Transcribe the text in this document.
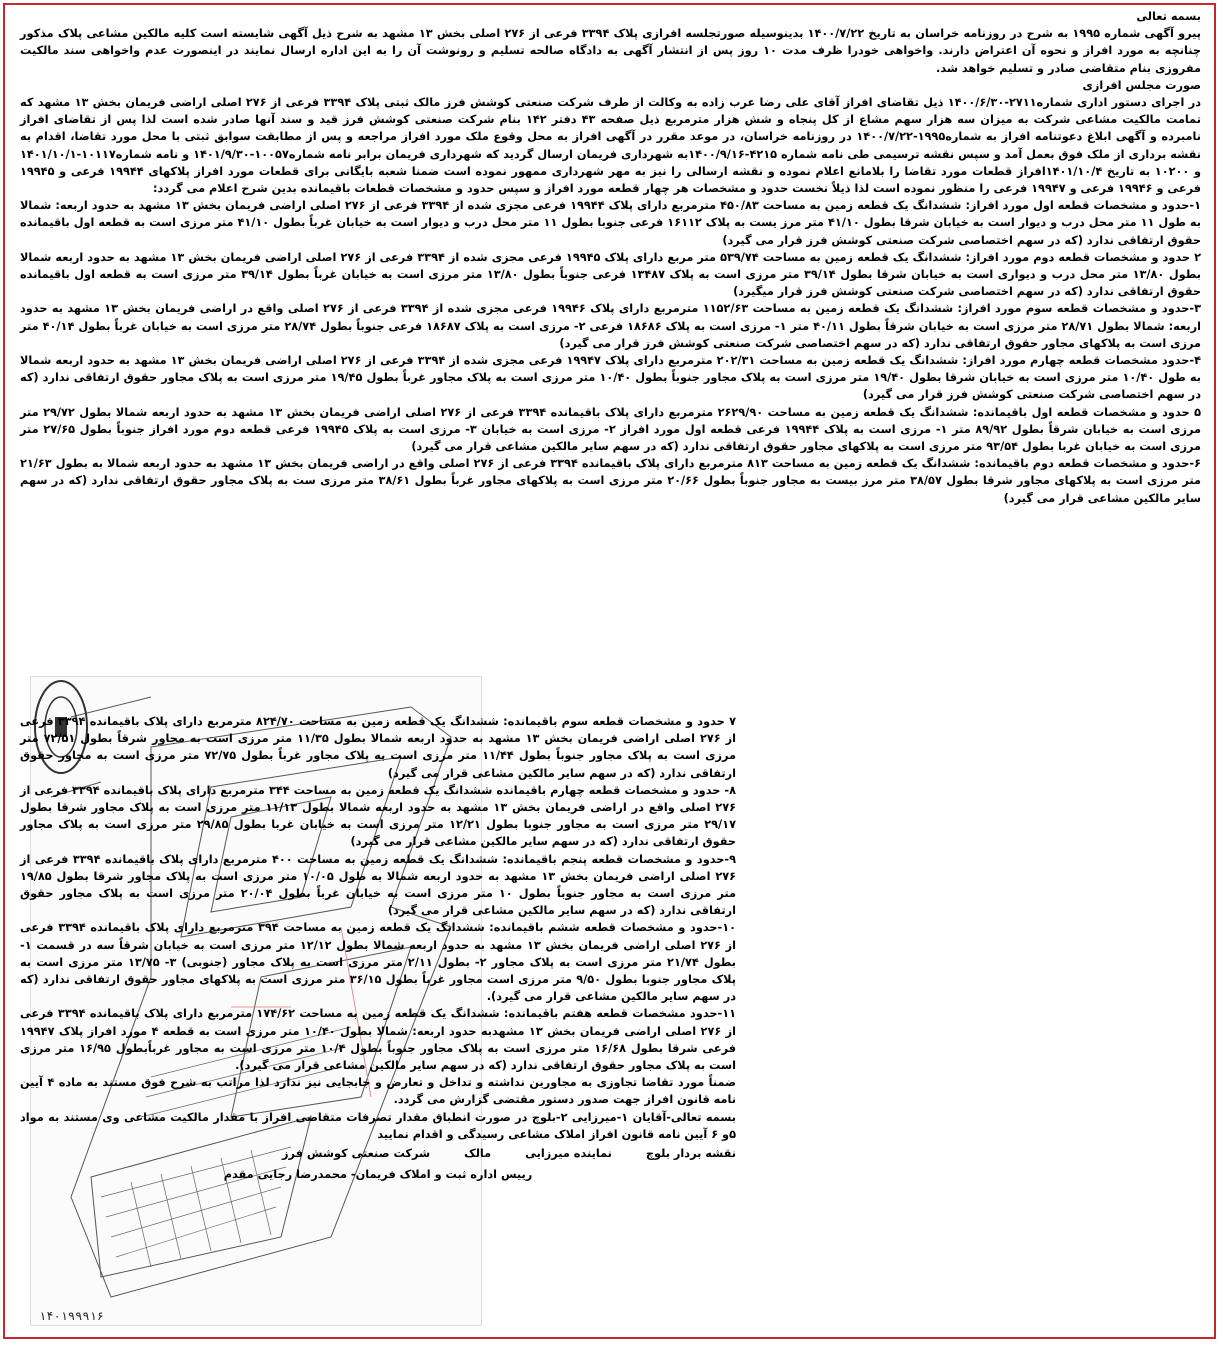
بسمه تعالی

پیرو آگهی شماره ۱۹۹۵ به شرح در روزنامه خراسان به تاریخ ۱۴۰۰/۷/۲۲ بدینوسیله صورتجلسه افرازی پلاک ۳۳۹۴ فرعی از ۲۷۶ اصلی بخش ۱۳ مشهد به شرح ذیل آگهی شایسته است کلیه مالکین مشاعی پلاک مذکور چنانچه به مورد افراز و نحوه آن اعتراض دارند. واخواهی خودرا ظرف مدت ۱۰ روز پس از انتشار آگهی به دادگاه صالحه تسلیم و رونوشت آن را به این اداره ارسال نمایند در اینصورت عدم واخواهی سند مالکیت مفروزی بنام متقاضی صادر و تسلیم خواهد شد.

صورت مجلس افرازی

در اجرای دستور اداری شماره۲۷۱۱-۱۴۰۰/۶/۳۰ ذیل تقاضای افراز آقای علی رضا عرب زاده به وکالت از طرف شرکت صنعتی کوشش فرز مالک ثبتی پلاک ۳۳۹۴ فرعی از ۲۷۶ اصلی اراضی فریمان بخش ۱۳ مشهد که تمامت مالکیت مشاعی شرکت به میزان سه هزار سهم مشاع از کل پنجاه و شش هزار مترمربع ذیل صفحه ۴۳ دفتر ۱۴۲ بنام شرکت صنعتی کوشش فرز قید و سند آنها صادر شده است لذا پس از تقاضای افراز نامبرده و آگهی ابلاغ دعوتنامه افراز به شماره۱۹۹۵-۱۴۰۰/۷/۲۲ در روزنامه خراسان، در موعد مقرر در آگهی افراز به محل وقوع ملک مورد افراز مراجعه و پس از مطابقت سوابق ثبتی با محل مورد تقاضا، اقدام به نقشه برداری از ملک فوق بعمل آمد و سپس نقشه ترسیمی طی نامه شماره ۴۲۱۵-۱۴۰۰/۹/۱۶به شهرداری فریمان ارسال گردید که شهرداری فریمان برابر نامه شماره۱۰۰۵۷-۱۴۰۱/۹/۳۰ و نامه شماره۱۰۱۱۷-۱۴۰۱/۱۰/۱ و ۱۰۲۰۰ به تاریخ ۱۴۰۱/۱۰/۴افراز قطعات مورد تقاضا را بلامانع اعلام نموده و نقشه ارسالی را نیز به مهر شهرداری ممهور نموده است ضمنا شعبه بایگانی برای قطعات مورد افراز پلاکهای ۱۹۹۴۴ فرعی و ۱۹۹۴۵ فرعی و ۱۹۹۴۶ فرعی و ۱۹۹۴۷ فرعی را منظور نموده است لذا ذیلاً نخست حدود و مشخصات هر چهار قطعه مورد افراز و سپس حدود و مشخصات قطعات باقیمانده بدین شرح اعلام می گردد:

۱-حدود و مشخصات قطعه اول مورد افراز: ششدانگ یک قطعه زمین به مساحت ۴۵۰/۸۳ مترمربع دارای پلاک ۱۹۹۴۴ فرعی مجزی شده از ۳۳۹۴ فرعی از ۲۷۶ اصلی اراضی فریمان بخش ۱۳ مشهد به حدود اربعه: شمالا به طول ۱۱ متر محل درب و دیوار است به خیابان شرقا بطول ۴۱/۱۰ متر مرز یست به پلاک ۱۶۱۱۲ فرعی جنوبا بطول ۱۱ متر محل درب و دیوار است به خیابان غرباً بطول ۴۱/۱۰ متر مرزی است به قطعه اول باقیمانده حقوق ارتفاقی ندارد (که در سهم اختصاصی شرکت صنعتی کوشش فرز قرار می گیرد)

۲ حدود و مشخصات قطعه دوم مورد افراز: ششدانگ یک قطعه زمین به مساحت ۵۳۹/۷۴ متر مربع دارای پلاک ۱۹۹۴۵ فرعی مجزی شده از ۳۳۹۴ فرعی از ۲۷۶ اصلی اراضی فریمان بخش ۱۳ مشهد به حدود اربعه شمالا بطول ۱۳/۸۰ متر محل درب و دیواری است به خیابان شرقا بطول ۳۹/۱۴ متر مرزی است به پلاک ۱۳۴۸۷ فرعی جنوباً بطول ۱۳/۸۰ متر مرزی است به خیابان غرباً بطول ۳۹/۱۴ متر مرزی است به قطعه اول باقیمانده حقوق ارتفاقی ندارد (که در سهم اختصاصی شرکت صنعتی کوشش فرز قرار میگیرد)

۳-حدود و مشخصات قطعه سوم مورد افراز: ششدانگ یک قطعه زمین به مساحت ۱۱۵۲/۶۳ مترمربع دارای پلاک ۱۹۹۴۶ فرعی مجزی شده از ۳۳۹۴ فرعی از ۲۷۶ اصلی واقع در اراضی فریمان بخش ۱۳ مشهد به حدود اربعه: شمالا بطول ۲۸/۷۱ متر مرزی است به خیابان شرقاً بطول ۴۰/۱۱ متر ۱- مرزی است به پلاک ۱۸۶۸۶ فرعی ۲- مرزی است به پلاک ۱۸۶۸۷ فرعی جنوباً بطول ۲۸/۷۴ متر مرزی است به خیابان غرباً بطول ۴۰/۱۴ متر مرزی است به پلاکهای مجاور حقوق ارتفاقی ندارد (که در سهم اختصاصی شرکت صنعتی کوشش فرز قرار می گیرد)

۴-حدود مشخصات قطعه چهارم مورد افراز: ششدانگ یک قطعه زمین به مساحت ۲۰۲/۳۱ مترمربع دارای پلاک ۱۹۹۴۷ فرعی مجزی شده از ۳۳۹۴ فرعی از ۲۷۶ اصلی اراضی فریمان بخش ۱۳ مشهد به حدود اربعه شمالا به طول ۱۰/۴۰ متر مرزی است به خیابان شرقا بطول ۱۹/۴۰ متر مرزی است به پلاک مجاور جنوباً بطول ۱۰/۴۰ متر مرزی است به پلاک مجاور غرباً بطول ۱۹/۴۵ متر مرزی است به پلاک مجاور حقوق ارتفاقی ندارد (که در سهم اختصاصی شرکت صنعتی کوشش فرز قرار می گیرد)

۵ حدود و مشخصات قطعه اول باقیمانده: ششدانگ یک قطعه زمین به مساحت ۲۶۲۹/۹۰ مترمربع دارای پلاک باقیمانده ۳۳۹۴ فرعی از ۲۷۶ اصلی اراضی فریمان بخش ۱۳ مشهد به حدود اربعه شمالا بطول ۲۹/۷۲ متر مرزی است به خیابان شرقاً بطول ۸۹/۹۲ متر ۱- مرزی است به پلاک ۱۹۹۴۴ فرعی قطعه اول مورد افراز ۲- مرزی است به خیابان ۳- مرزی است به پلاک ۱۹۹۴۵ فرعی قطعه دوم مورد افراز جنوباً بطول ۲۷/۶۵ متر مرزی است به خیابان غربا بطول ۹۳/۵۴ متر مرزی است به پلاکهای مجاور حقوق ارتفاقی ندارد (که در سهم سایر مالکین مشاعی قرار می گیرد)

۶-حدود و مشخصات قطعه دوم باقیمانده: ششدانگ یک قطعه زمین به مساحت ۸۱۳ مترمربع دارای پلاک باقیمانده ۳۳۹۴ فرعی از ۲۷۶ اصلی واقع در اراضی فریمان بخش ۱۳ مشهد به حدود اربعه شمالا به بطول ۲۱/۶۳ متر مرزی است به پلاکهای مجاور شرقا بطول ۳۸/۵۷ متر مرز بیست به مجاور جنوباً بطول ۲۰/۶۶ متر مرزی است به پلاکهای مجاور غرباً بطول ۳۸/۶۱ متر مرزی ست به پلاک مجاور حقوق ارتفاقی ندارد (که در سهم سایر مالکین مشاعی قرار می گیرد)

۱۴۰۱۹۹۹۱۶

۷ حدود و مشخصات قطعه سوم باقیمانده: ششدانگ یک قطعه زمین به مساحت ۸۲۴/۷۰ مترمربع دارای پلاک باقیمانده ۳۳۹۴ فرعی از ۲۷۶ اصلی اراضی فریمان بخش ۱۳ مشهد به حدود اربعه شمالا بطول ۱۱/۳۵ متر مرزی است به مجاور شرقاً بطول ۷۲/۵۱ متر مرزی است به پلاک مجاور جنوباً بطول ۱۱/۴۴ متر مرزی است به پلاک مجاور غرباً بطول ۷۲/۷۵ متر مرزی است به مجاور حقوق ارتفاقی ندارد (که در سهم سایر مالکین مشاعی قرار می گیرد)

۸- حدود و مشخصات قطعه چهارم باقیمانده ششدانگ یک قطعه زمین به مساحت ۳۴۴ مترمربع دارای پلاک باقیمانده ۳۳۹۴ فرعی از ۲۷۶ اصلی واقع در اراضی فریمان بخش ۱۳ مشهد به حدود اربعه شمالا بطول ۱۱/۱۳ متر مرزی است به پلاک مجاور شرقا بطول ۲۹/۱۷ متر مرزی است به مجاور جنوبا بطول ۱۲/۲۱ متر مرزی است به خیابان غربا بطول ۲۹/۸۵ متر مرزی است به پلاک مجاور حقوق ارتفاقی ندارد (که در سهم سایر مالکین مشاعی قرار می گیرد)

۹-حدود و مشخصات قطعه پنجم باقیمانده: ششدانگ یک قطعه زمین به مساحت ۴۰۰ مترمربع دارای پلاک باقیمانده ۳۳۹۴ فرعی از ۲۷۶ اصلی اراضی فریمان بخش ۱۳ مشهد به حدود اربعه شمالا به طول ۱۰/۰۵ متر مرزی است به پلاک مجاور شرقا بطول ۱۹/۸۵ متر مرزی است به مجاور جنوباً بطول ۱۰ متر مرزی است به خیابان غرباً بطول ۲۰/۰۴ متر مرزی است به پلاک مجاور حقوق ارتفاقی ندارد (که در سهم سایر مالکین مشاعی قرار می گیرد)

۱۰-حدود و مشخصات قطعه ششم باقیمانده: ششدانگ یک قطعه زمین به مساحت ۳۹۴ مترمربع دارای پلاک باقیمانده ۳۳۹۴ فرعی از ۲۷۶ اصلی اراضی فریمان بخش ۱۳ مشهد به حدود اربعه شمالا بطول ۱۲/۱۲ متر مرزی است به خیابان شرقاً سه در قسمت ۱- بطول ۲۱/۷۴ متر مرزی است به پلاک مجاور ۲- بطول ۲/۱۱ متر مرزی است به پلاک مجاور (جنوبی) ۳- ۱۳/۷۵ متر مرزی است به پلاک مجاور جنوبا بطول ۹/۵۰ متر مرزی است مجاور غرباً بطول ۳۶/۱۵ متر مرزی است به پلاکهای مجاور حقوق ارتفاقی ندارد (که در سهم سایر مالکین مشاعی قرار می گیرد).

۱۱-حدود مشخصات قطعه هفتم باقیمانده: ششدانگ یک قطعه زمین به مساحت ۱۷۴/۶۲ مترمربع دارای پلاک باقیمانده ۳۳۹۴ فرعی از ۲۷۶ اصلی اراضی فریمان بخش ۱۳ مشهدبه حدود اربعه: شمالا بطول ۱۰/۴۰ متر مرزی است به قطعه ۴ مورد افراز پلاک ۱۹۹۴۷ فرعی شرقا بطول ۱۶/۶۸ متر مرزی است به پلاک مجاور جنوباً بطول ۱۰/۴ متر مرزی است به مجاور غرباًبطول ۱۶/۹۵ متر مرزی است به پلاک مجاور حقوق ارتفاقی ندارد (که در سهم سایر مالکین مشاعی قرار می گیرد).

ضمناً مورد تقاضا تجاوزی به مجاورین نداشته و تداخل و تعارض و جابجایی نیز ندارد لذا مراتب به شرح فوق مستند به ماده ۴ آیین نامه قانون افراز جهت صدور دستور مقتضی گزارش می گردد.

بسمه تعالی-آقایان ۱-میرزایی ۲-بلوچ در صورت انطباق مقدار تصرفات متقاضی افراز با مقدار مالکیت مشاعی وی مستند به مواد ۵و ۶ آیین نامه قانون افراز املاک مشاعی رسیدگی و اقدام نمایید

نقشه بردار بلوچ
نماینده میرزایی
مالک
شرکت صنعتی کوشش فرز
رییس اداره ثبت و املاک فریمان- محمدرضا رجایی مقدم
